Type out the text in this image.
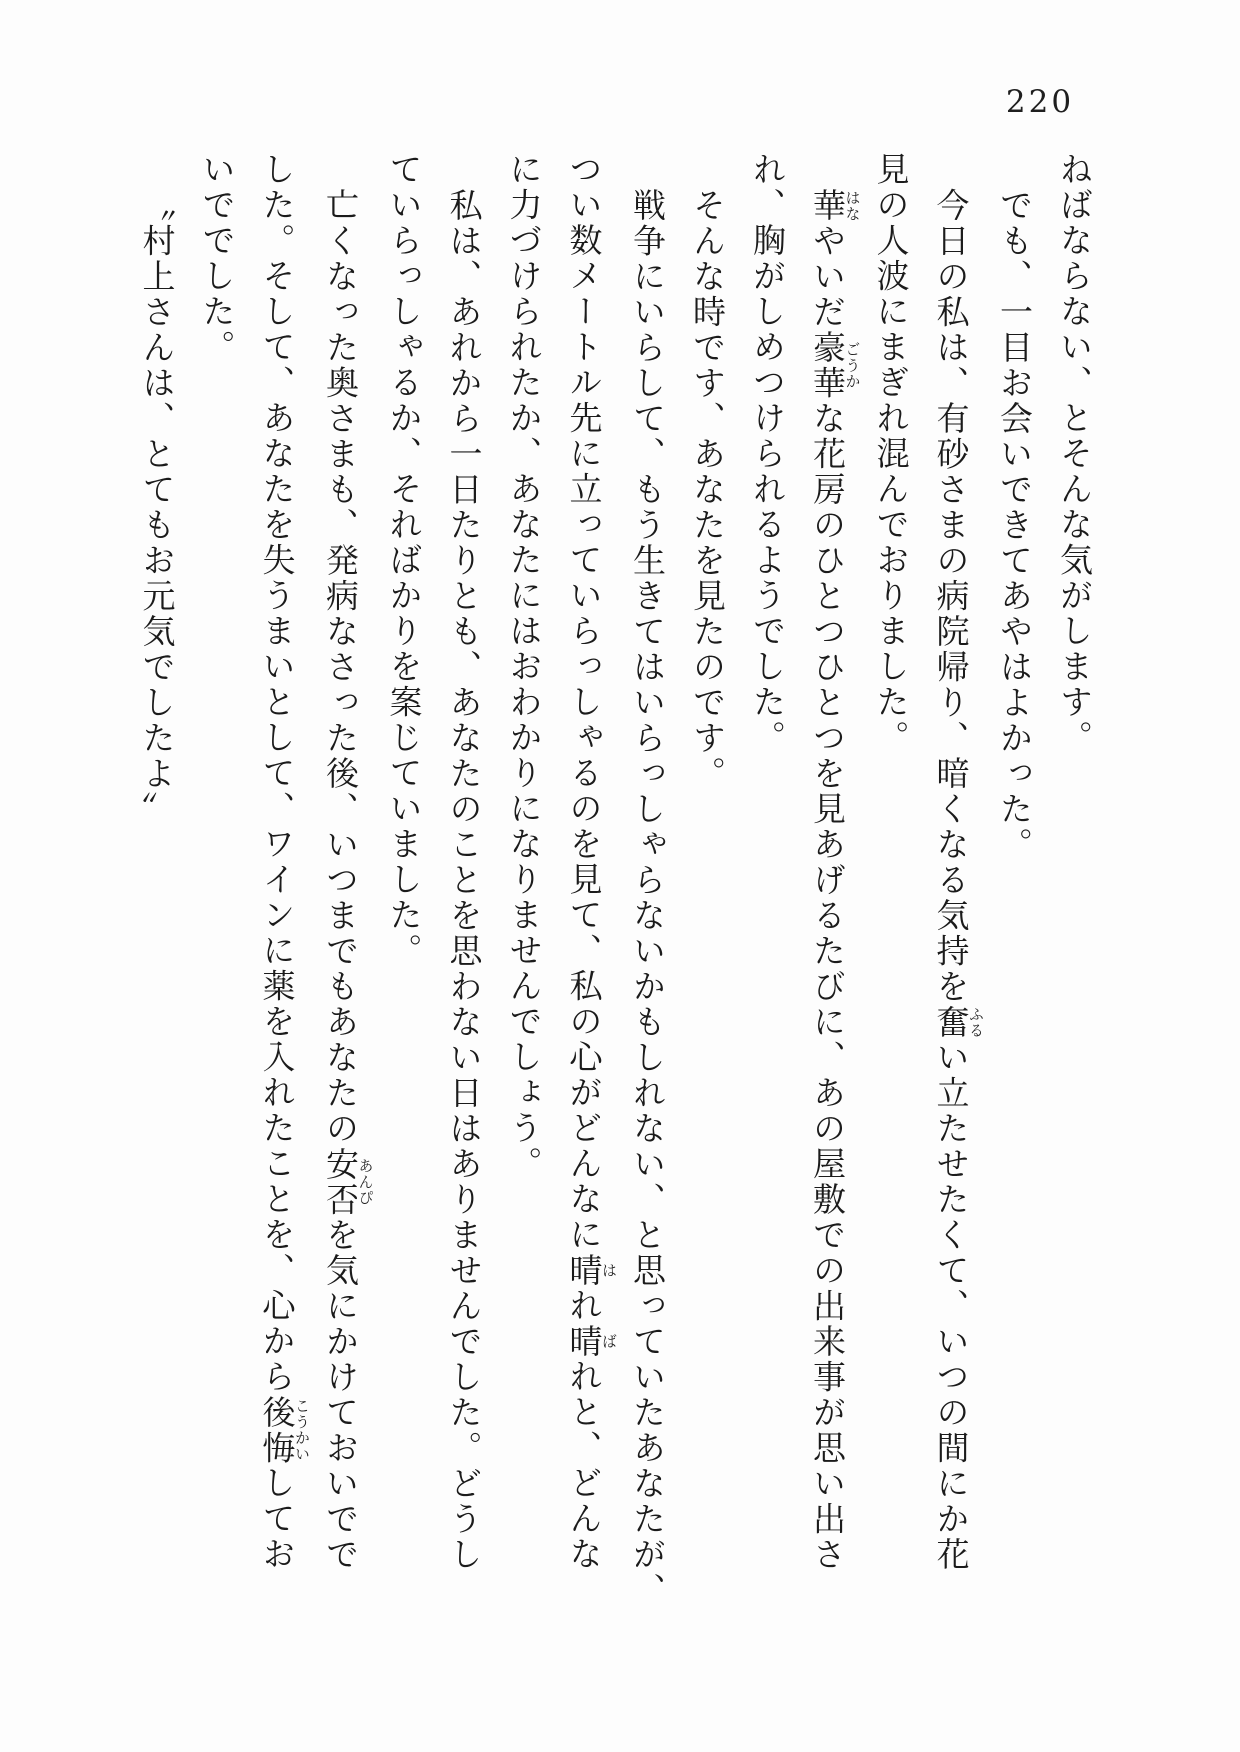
220

ねばならない、とそんな気がします。

でも、一目お会いできてあやはよかった。

今日の私は、有砂さまの病院帰り、暗くなる気持を奮ふるい立たせたくて、いつの間にか花

見の人波にまぎれ混んでおりました。

華はなやいだ豪華ごうかな花房のひとつひとつを見あげるたびに、あの屋敷での出来事が思い出さ

れ、胸がしめつけられるようでした。

そんな時です、あなたを見たのです。

戦争にいらして、もう生きてはいらっしゃらないかもしれない、と思っていたあなたが、

つい数メートル先に立っていらっしゃるのを見て、私の心がどんなに晴はれ晴ばれと、どんな

に力づけられたか、あなたにはおわかりになりませんでしょう。

私は、あれから一日たりとも、あなたのことを思わない日はありませんでした。どうし

ていらっしゃるか、そればかりを案じていました。

亡くなった奥さまも、発病なさった後、いつまでもあなたの安否あんぴを気にかけておいでで

した。そして、あなたを失うまいとして、ワインに薬を入れたことを、心から後悔こうかいしてお

いででした。

〝村上さんは、とてもお元気でしたよ〟
